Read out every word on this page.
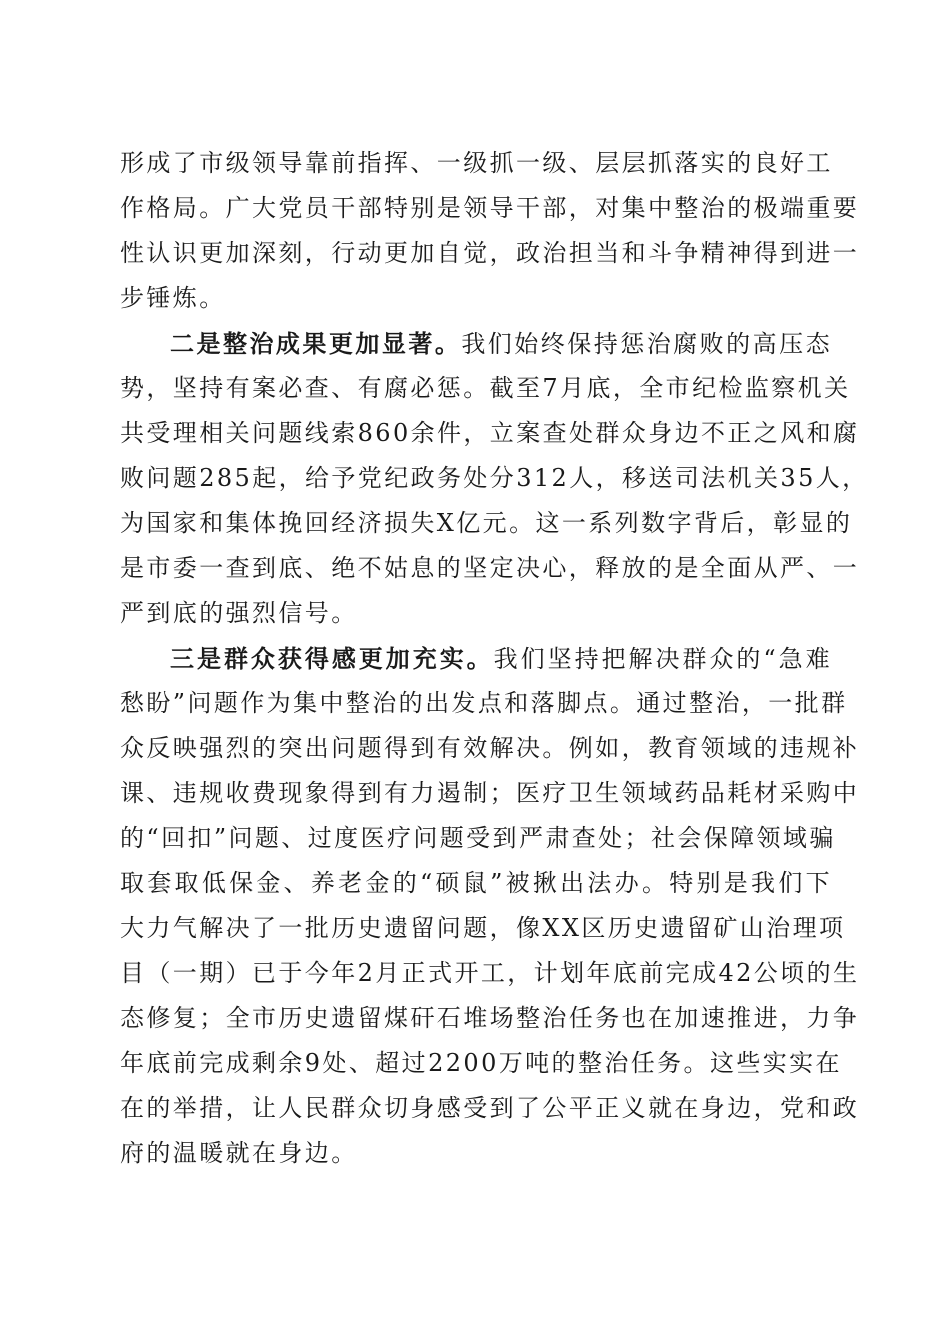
形成了市级领导靠前指挥、一级抓一级、层层抓落实的良好工
作格局。广大党员干部特别是领导干部，对集中整治的极端重要
性认识更加深刻，行动更加自觉，政治担当和斗争精神得到进一
步锤炼。
二是整治成果更加显著。我们始终保持惩治腐败的高压态
势，坚持有案必查、有腐必惩。截至7月底，全市纪检监察机关
共受理相关问题线索860余件，立案查处群众身边不正之风和腐
败问题285起，给予党纪政务处分312人，移送司法机关35人，
为国家和集体挽回经济损失X亿元。这一系列数字背后，彰显的
是市委一查到底、绝不姑息的坚定决心，释放的是全面从严、一
严到底的强烈信号。
三是群众获得感更加充实。我们坚持把解决群众的“急难
愁盼”问题作为集中整治的出发点和落脚点。通过整治，一批群
众反映强烈的突出问题得到有效解决。例如，教育领域的违规补
课、违规收费现象得到有力遏制；医疗卫生领域药品耗材采购中
的“回扣”问题、过度医疗问题受到严肃查处；社会保障领域骗
取套取低保金、养老金的“硕鼠”被揪出法办。特别是我们下
大力气解决了一批历史遗留问题，像XX区历史遗留矿山治理项
目（一期）已于今年2月正式开工，计划年底前完成42公顷的生
态修复；全市历史遗留煤矸石堆场整治任务也在加速推进，力争
年底前完成剩余9处、超过2200万吨的整治任务。这些实实在
在的举措，让人民群众切身感受到了公平正义就在身边，党和政
府的温暖就在身边。
